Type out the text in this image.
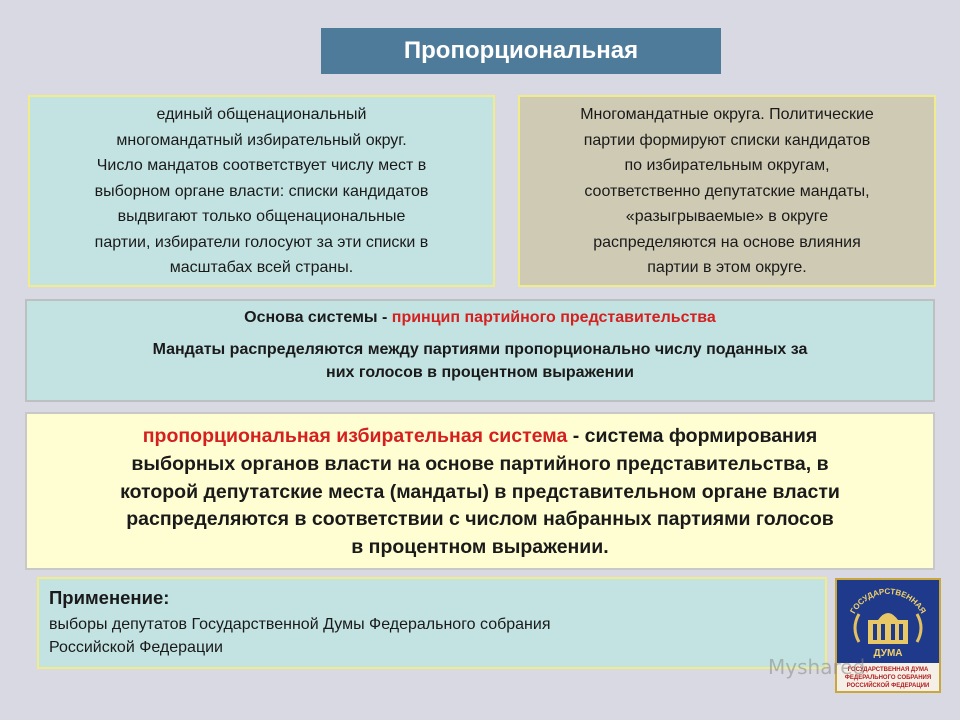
Пропорциональная
единый общенациональный
многомандатный избирательный округ.
Число мандатов соответствует числу мест в
выборном органе власти: списки кандидатов
выдвигают только общенациональные
партии, избиратели голосуют за эти списки в
масштабах всей страны.
Многомандатные округа. Политические
партии формируют списки кандидатов
по избирательным округам,
соответственно депутатские мандаты,
«разыгрываемые» в округе
распределяются на основе влияния
партии в этом округе.
Основа системы - принцип партийного представительства
Мандаты распределяются между партиями пропорционально числу поданных за
них голосов в процентном выражении
пропорциональная избирательная система - система формирования
выборных органов власти на основе партийного представительства, в
которой депутатские места (мандаты) в представительном органе власти
распределяются в соответствии с числом набранных партиями голосов
в процентном выражении.
Применение:
выборы депутатов Государственной Думы Федерального собрания
Российской Федерации
ГОСУДАРСТВЕННАЯ
ДУМА
ГОСУДАРСТВЕННАЯ ДУМА
ФЕДЕРАЛЬНОГО СОБРАНИЯ
РОССИЙСКОЙ ФЕДЕРАЦИИ
Myshared
